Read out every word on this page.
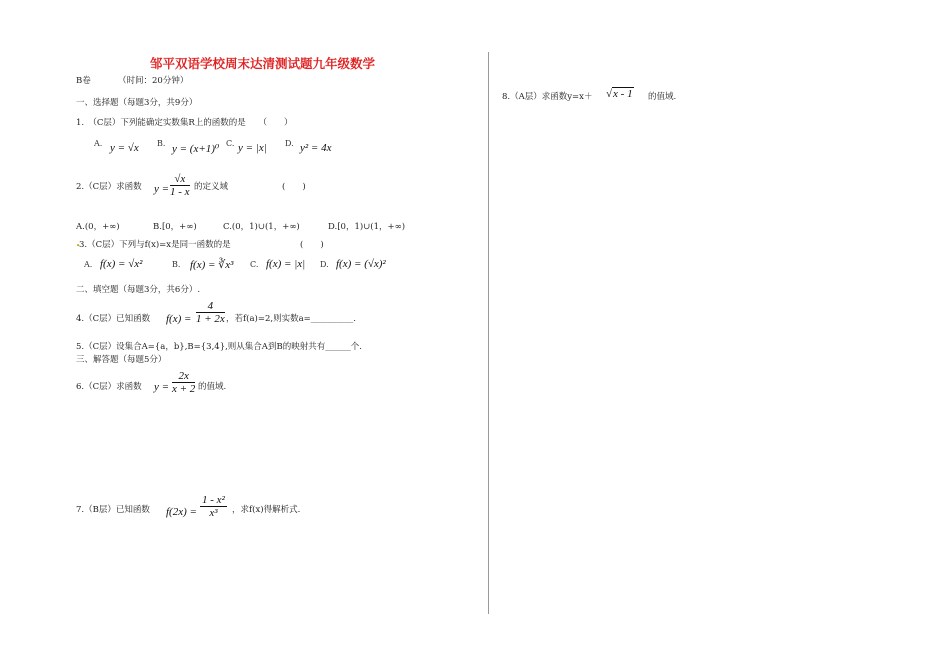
邹平双语学校周末达清测试题九年级数学
B卷	（时间：20分钟）
一、选择题（每题3分，共9分）
1.　（C层）下列能确定实数集R上的函数的是　　（　　）
A. y = √x B. y = (x+1)⁰ C. y = |x| D. y² = 4x
2.（C层）求函数 $y = \frac{√x}{1 - x}$ 的定义域	(　　)
A.(0，+∞)	B.[0，+∞)	C.(0，1)∪(1，+∞)	D.[0，1)∪(1，+∞)
•
3.（C层）下列与f(x)=x是同一函数的是	(　　)
A. f(x) = √x²	B. f(x) = ∛x³ C. f(x) = |x| D. f(x) = (√x)²
二、填空题（每题3分，共6分）.
4.（C层）已知函数 $f(x) = \frac{4}{1 + 2x}$ ，若f(a)=2,则实数a=__________.
5.（C层）设集合A={a，b},B={3,4},则从集合A到B的映射共有______个.
三、解答题（每题5分）
6.（C层）求函数 $y = \frac{2x}{x + 2}$ 的值域.
7.（B层）已知函数 $f(2x) = \frac{\text{1 - x²}}{\text{x³}}$ ，求f(x)得解析式.
8.（A层）求函数y=x＋ √x - 1 的值域.
